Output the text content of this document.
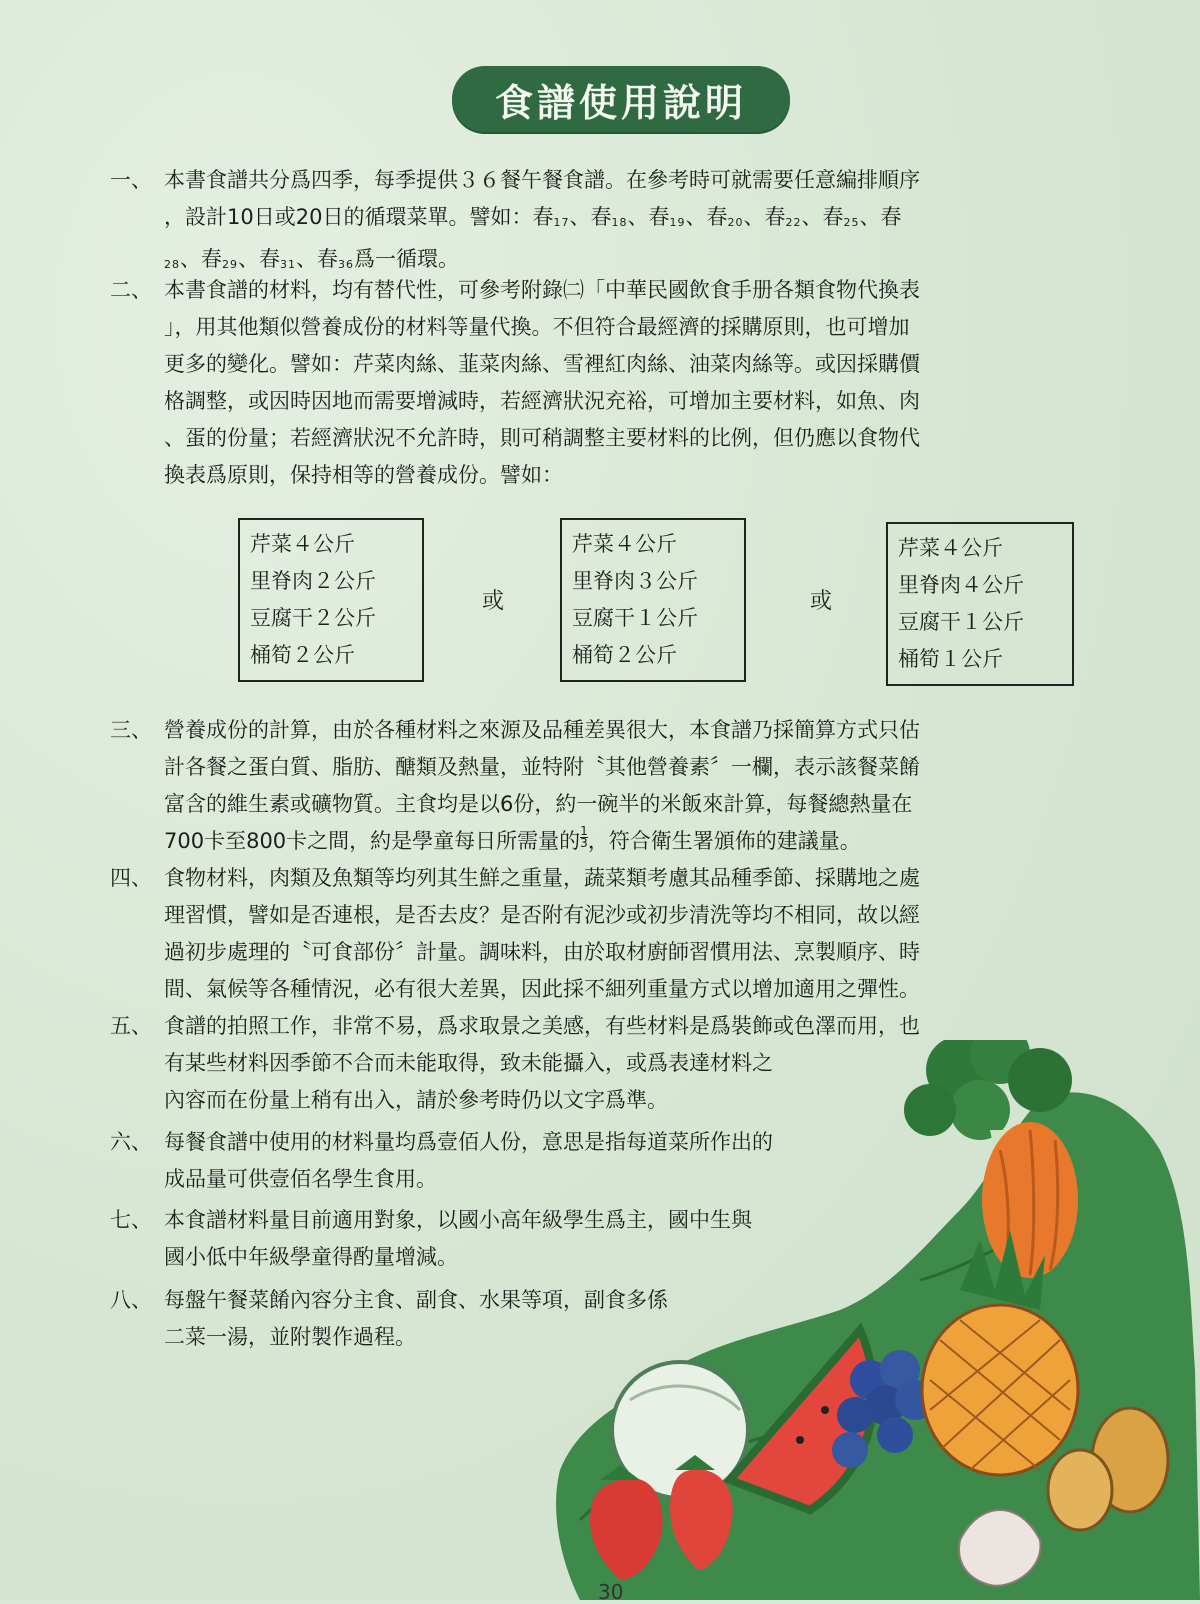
食譜使用說明
一、 本書食譜共分爲四季，每季提供３６餐午餐食譜。在參考時可就需要任意編排順序
，設計10日或20日的循環菜單。譬如：春17、春18、春19、春20、春22、春25、春
28、春29、春31、春36爲一循環。
二、 本書食譜的材料，均有替代性，可參考附錄㈡「中華民國飲食手册各類食物代換表
」，用其他類似營養成份的材料等量代換。不但符合最經濟的採購原則，也可增加
更多的變化。譬如：芹菜肉絲、韮菜肉絲、雪裡紅肉絲、油菜肉絲等。或因採購價
格調整，或因時因地而需要增減時，若經濟狀況充裕，可增加主要材料，如魚、肉
、蛋的份量；若經濟狀況不允許時，則可稍調整主要材料的比例，但仍應以食物代
換表爲原則，保持相等的營養成份。譬如：
芹菜４公斤
里脊肉２公斤
豆腐干２公斤
桶筍２公斤
或
芹菜４公斤
里脊肉３公斤
豆腐干１公斤
桶筍２公斤
或
芹菜４公斤
里脊肉４公斤
豆腐干１公斤
桶筍１公斤
三、 營養成份的計算，由於各種材料之來源及品種差異很大，本食譜乃採簡算方式只估
計各餐之蛋白質、脂肪、醣類及熱量，並特附〝其他營養素〞一欄，表示該餐菜餚
富含的維生素或礦物質。主食均是以6份，約一碗半的米飯來計算，每餐總熱量在
700卡至800卡之間，約是學童每日所需量的 $\frac{1}{3}$ ，符合衛生署頒佈的建議量。
四、 食物材料，肉類及魚類等均列其生鮮之重量，蔬菜類考慮其品種季節、採購地之處
理習慣，譬如是否連根，是否去皮？是否附有泥沙或初步清洗等均不相同，故以經
過初步處理的〝可食部份〞計量。調味料，由於取材廚師習慣用法、烹製順序、時
間、氣候等各種情況，必有很大差異，因此採不細列重量方式以增加適用之彈性。
五、 食譜的拍照工作，非常不易，爲求取景之美感，有些材料是爲裝飾或色澤而用，也
有某些材料因季節不合而未能取得，致未能攝入，或爲表達材料之
內容而在份量上稍有出入，請於參考時仍以文字爲準。
六、 每餐食譜中使用的材料量均爲壹佰人份，意思是指每道菜所作出的
成品量可供壹佰名學生食用。
七、 本食譜材料量目前適用對象，以國小高年級學生爲主，國中生與
國小低中年級學童得酌量增減。
八、 每盤午餐菜餚內容分主食、副食、水果等項，副食多係
二菜一湯，並附製作過程。
30
